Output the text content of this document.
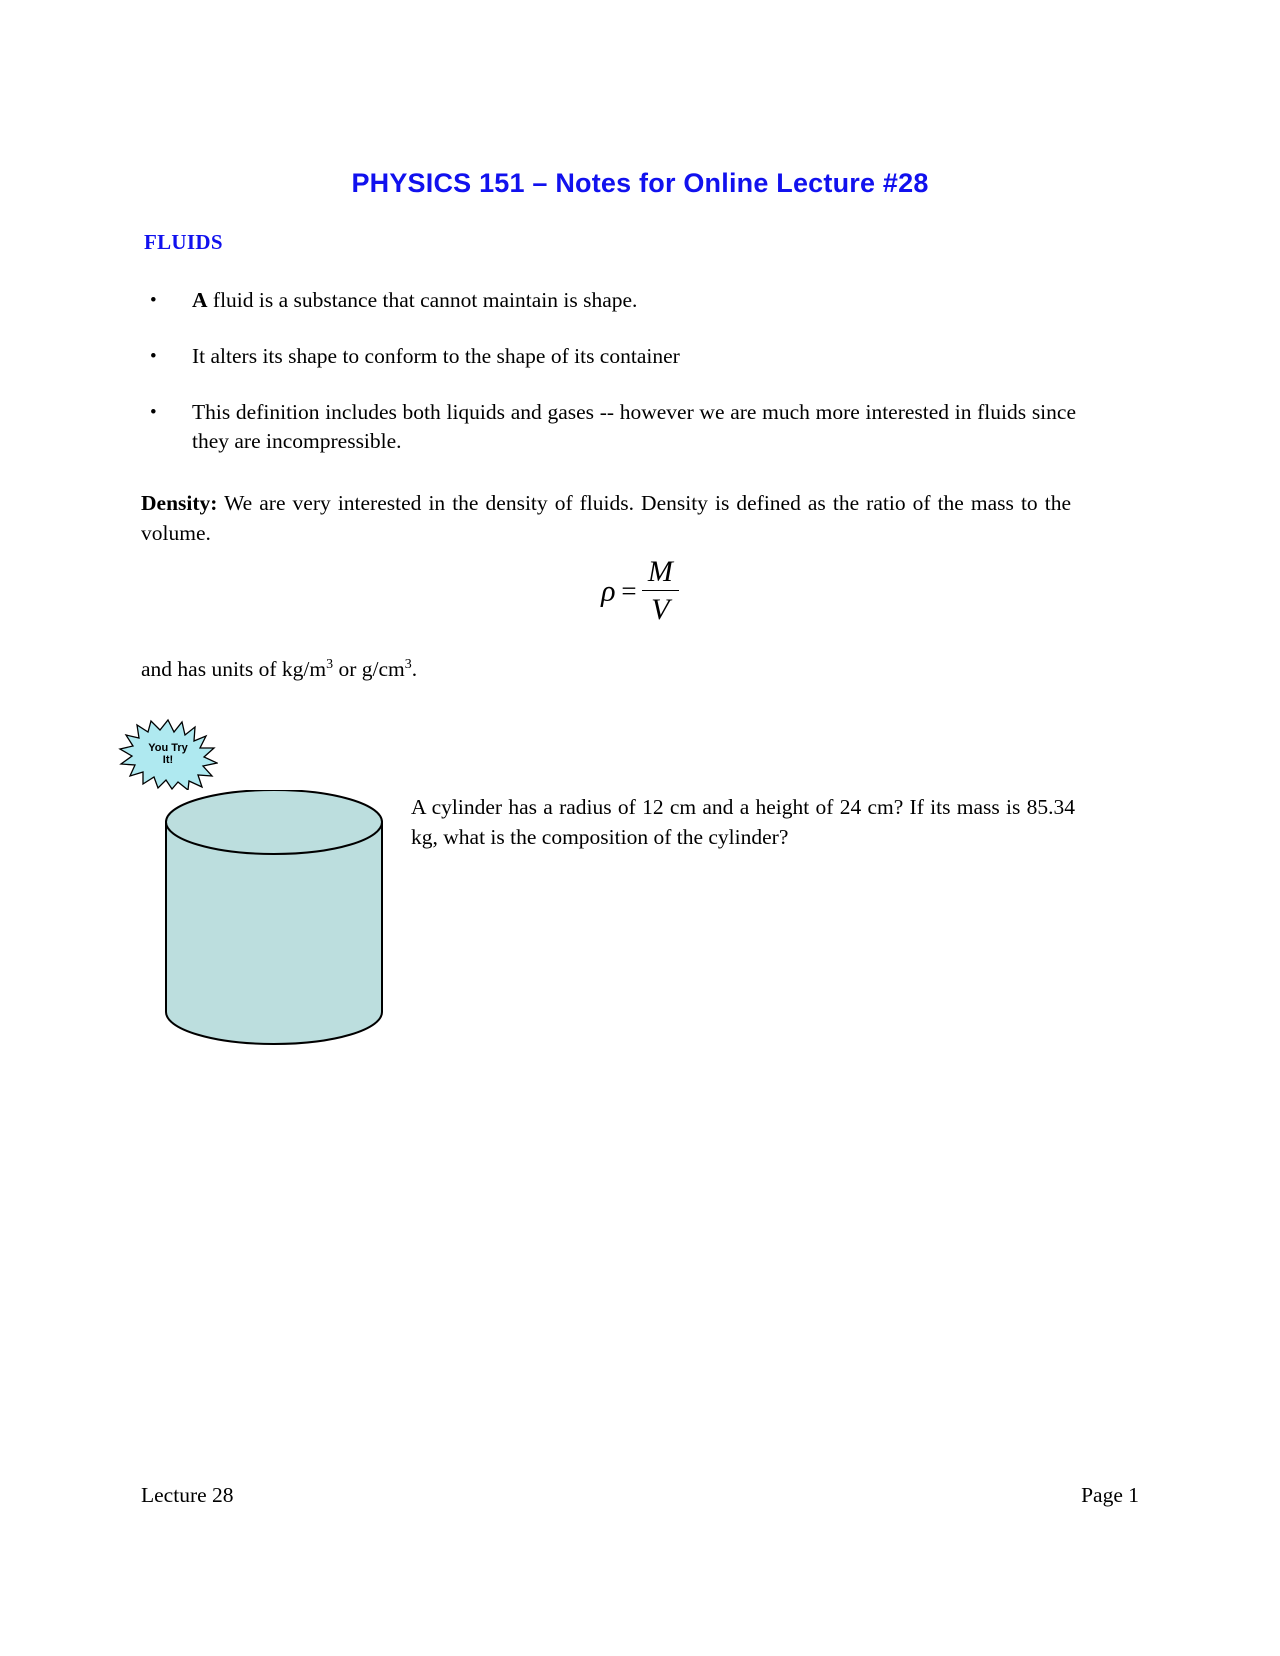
PHYSICS 151 – Notes for Online Lecture #28
FLUIDS
• A fluid is a substance that cannot maintain is shape.
• It alters its shape to conform to the shape of its container
• This definition includes both liquids and gases -- however we are much more interested in fluids since they are incompressible.
Density: We are very interested in the density of fluids. Density is defined as the ratio of the mass to the volume.
$\rho = \frac{M}{V}$
and has units of $kg/m^3$ or $g/cm^3$.
You Try
It!
A cylinder has a radius of 12 cm and a height of 24 cm? If its mass is 85.34 kg, what is the composition of the cylinder?
Lecture 28	Page 1
